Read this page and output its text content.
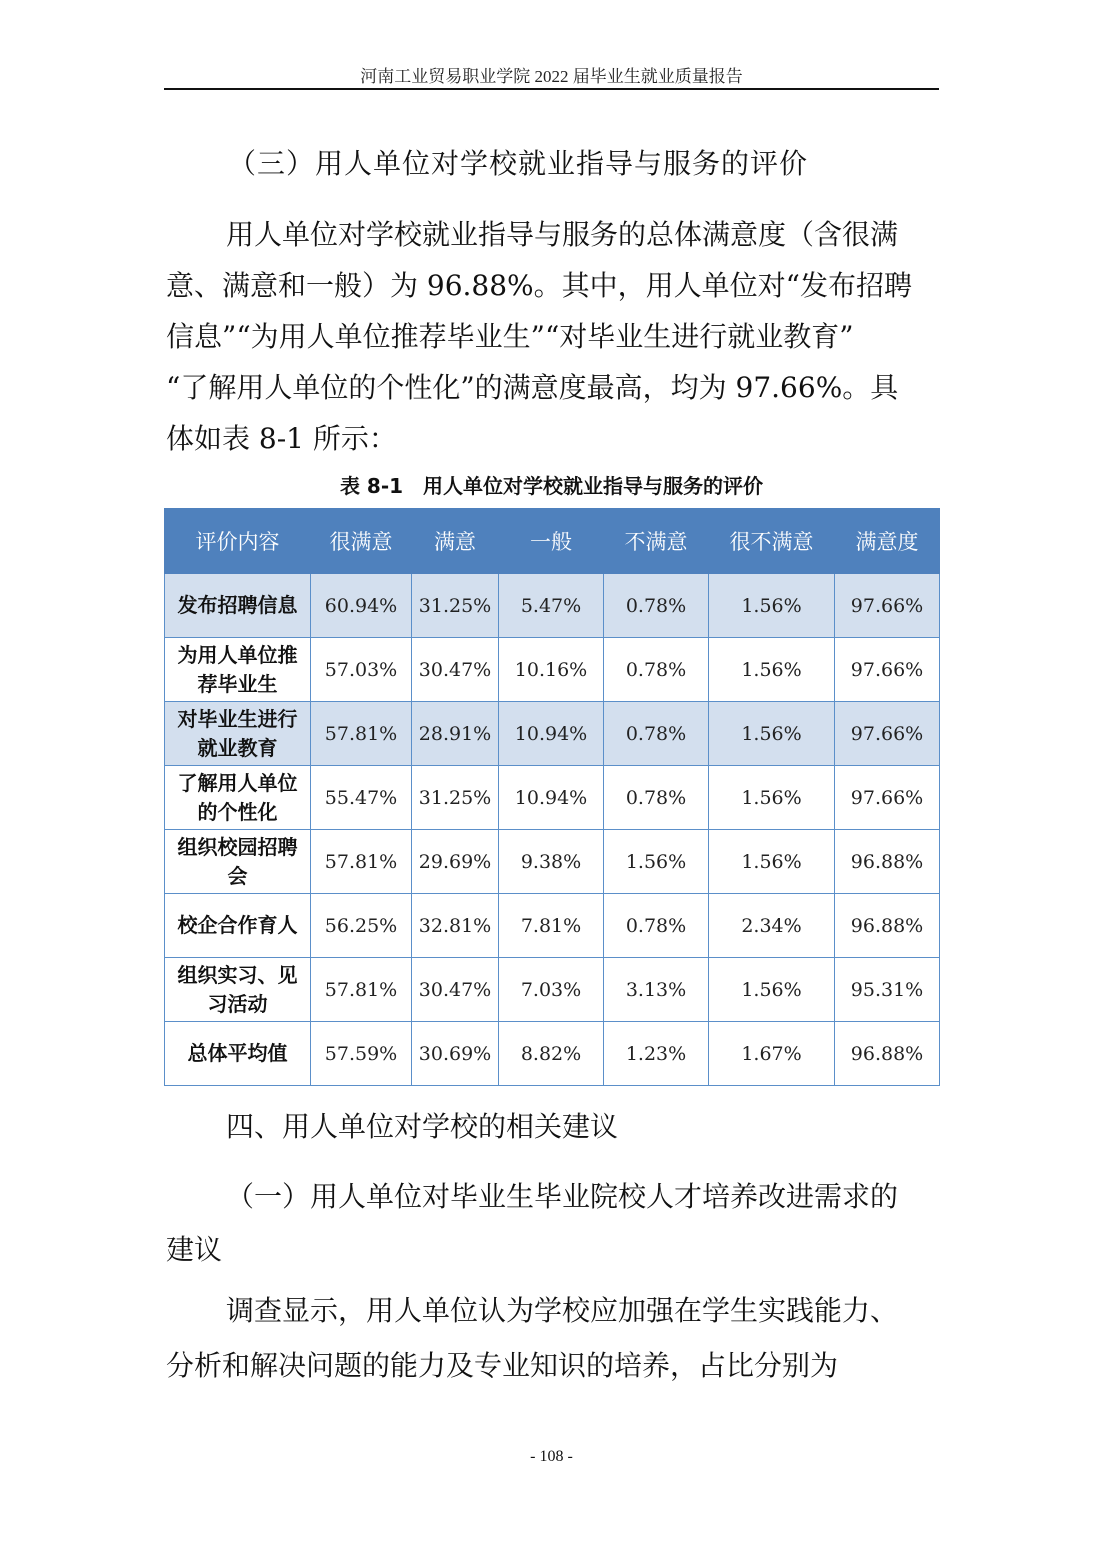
河南工业贸易职业学院 2022 届毕业生就业质量报告
（三）用人单位对学校就业指导与服务的评价
用人单位对学校就业指导与服务的总体满意度（含很满
意、满意和一般）为 96.88%。其中，用人单位对“发布招聘
信息”“为用人单位推荐毕业生”“对毕业生进行就业教育”
“了解用人单位的个性化”的满意度最高，均为 97.66%。具
体如表 8-1 所示：
表 8-1　用人单位对学校就业指导与服务的评价
评价内容	很满意	满意	一般	不满意	很不满意	满意度
发布招聘信息	60.94%	31.25%	5.47%	0.78%	1.56%	97.66%
为用人单位推荐毕业生	57.03%	30.47%	10.16%	0.78%	1.56%	97.66%
对毕业生进行就业教育	57.81%	28.91%	10.94%	0.78%	1.56%	97.66%
了解用人单位的个性化	55.47%	31.25%	10.94%	0.78%	1.56%	97.66%
组织校园招聘会	57.81%	29.69%	9.38%	1.56%	1.56%	96.88%
校企合作育人	56.25%	32.81%	7.81%	0.78%	2.34%	96.88%
组织实习、见习活动	57.81%	30.47%	7.03%	3.13%	1.56%	95.31%
总体平均值	57.59%	30.69%	8.82%	1.23%	1.67%	96.88%
四、用人单位对学校的相关建议
（一）用人单位对毕业生毕业院校人才培养改进需求的
建议
调查显示，用人单位认为学校应加强在学生实践能力、
分析和解决问题的能力及专业知识的培养，占比分别为
- 108 -
